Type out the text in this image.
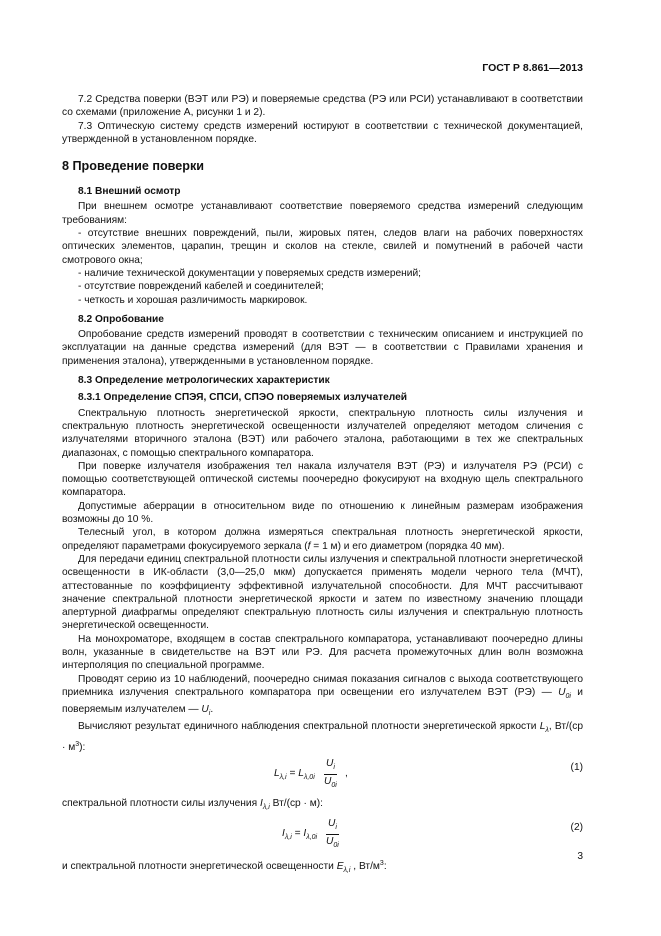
ГОСТ Р 8.861—2013

7.2 Средства поверки (ВЭТ или РЭ) и поверяемые средства (РЭ или РСИ) устанавливают в соответствии со схемами (приложение А, рисунки 1 и 2).

7.3 Оптическую систему средств измерений юстируют в соответствии с технической документацией, утвержденной в установленном порядке.

8 Проведение поверки
8.1 Внешний осмотр

При внешнем осмотре устанавливают соответствие поверяемого средства измерений следующим требованиям:

- отсутствие внешних повреждений, пыли, жировых пятен, следов влаги на рабочих поверхностях оптических элементов, царапин, трещин и сколов на стекле, свилей и помутнений в рабочей части смотрового окна;

- наличие технической документации у поверяемых средств измерений;

- отсутствие повреждений кабелей и соединителей;

- четкость и хорошая различимость маркировок.

8.2 Опробование

Опробование средств измерений проводят в соответствии с техническим описанием и инструкцией по эксплуатации на данные средства измерений (для ВЭТ — в соответствии с Правилами хранения и применения эталона), утвержденными в установленном порядке.

8.3 Определение метрологических характеристик
8.3.1 Определение СПЭЯ, СПСИ, СПЭО поверяемых излучателей

Спектральную плотность энергетической яркости, спектральную плотность силы излучения и спектральную плотность энергетической освещенности излучателей определяют методом сличения с излучателями вторичного эталона (ВЭТ) или рабочего эталона, работающими в тех же спектральных диапазонах, с помощью спектрального компаратора.

При поверке излучателя изображения тел накала излучателя ВЭТ (РЭ) и излучателя РЭ (РСИ) с помощью соответствующей оптической системы поочередно фокусируют на входную щель спектрального компаратора.

Допустимые аберрации в относительном виде по отношению к линейным размерам изображения возможны до 10 %.

Телесный угол, в котором должна измеряться спектральная плотность энергетической яркости, определяют параметрами фокусируемого зеркала (f = 1 м) и его диаметром (порядка 40 мм).

Для передачи единиц спектральной плотности силы излучения и спектральной плотности энергетической освещенности в ИК-области (3,0—25,0 мкм) допускается применять модели черного тела (МЧТ), аттестованные по коэффициенту эффективной излучательной способности. Для МЧТ рассчитывают значение спектральной плотности энергетической яркости и затем по известному значению площади апертурной диафрагмы определяют спектральную плотность силы излучения и спектральную плотность энергетической освещенности.

На монохроматоре, входящем в состав спектрального компаратора, устанавливают поочередно длины волн, указанные в свидетельстве на ВЭТ или РЭ. Для расчета промежуточных длин волн возможна интерполяция по специальной программе.

Проводят серию из 10 наблюдений, поочередно снимая показания сигналов с выхода соответствующего приемника излучения спектрального компаратора при освещении его излучателем ВЭТ (РЭ) — $U_{0i}$ и поверяемым излучателем — $U_i$.

Вычисляют результат единичного наблюдения спектральной плотности энергетической яркости $L_\lambda$, $Вт/(ср \cdot м^3)$:

$L_{\lambda,i} = L_{\lambda,0i} \frac{U_i}{U_{0i}}$ ,
(1)

спектральной плотности силы излучения $I_{\lambda,i}$ Вт/(ср · м):

$I_{\lambda,i} = I_{\lambda,0i} \frac{U_i}{U_{0i}}$	(2)

и спектральной плотности энергетической освещенности $E_{\lambda,i}$ , $Вт/м^3$:

3
